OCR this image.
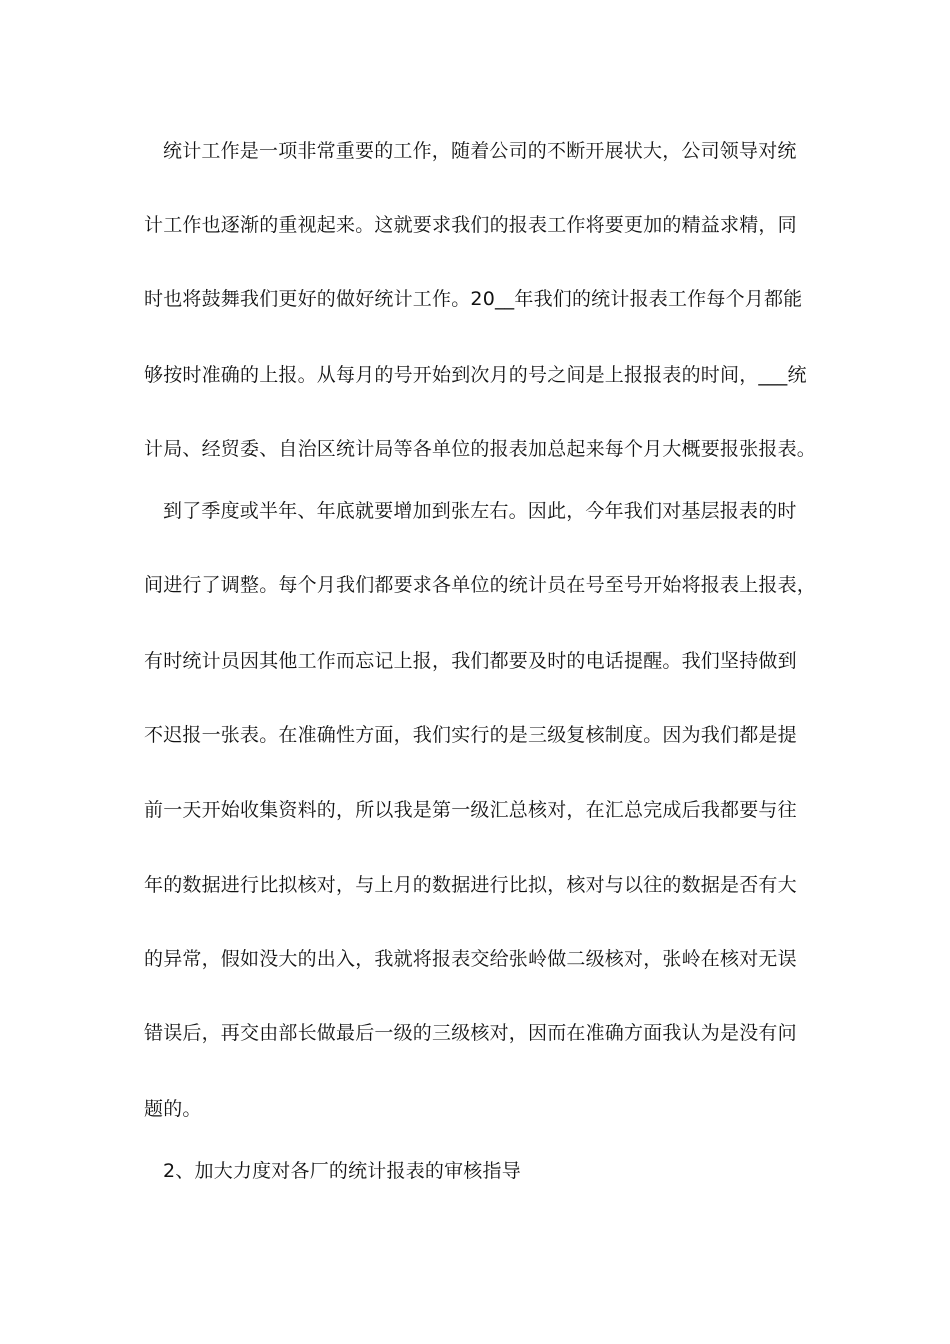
统计工作是一项非常重要的工作，随着公司的不断开展状大，公司领导对统
计工作也逐渐的重视起来。这就要求我们的报表工作将要更加的精益求精，同
时也将鼓舞我们更好的做好统计工作。20__年我们的统计报表工作每个月都能
够按时准确的上报。从每月的号开始到次月的号之间是上报报表的时间，___统
计局、经贸委、自治区统计局等各单位的报表加总起来每个月大概要报张报表。
到了季度或半年、年底就要增加到张左右。因此，今年我们对基层报表的时
间进行了调整。每个月我们都要求各单位的统计员在号至号开始将报表上报表，
有时统计员因其他工作而忘记上报，我们都要及时的电话提醒。我们坚持做到
不迟报一张表。在准确性方面，我们实行的是三级复核制度。因为我们都是提
前一天开始收集资料的，所以我是第一级汇总核对，在汇总完成后我都要与往
年的数据进行比拟核对，与上月的数据进行比拟，核对与以往的数据是否有大
的异常，假如没大的出入，我就将报表交给张岭做二级核对，张岭在核对无误
错误后，再交由部长做最后一级的三级核对，因而在准确方面我认为是没有问
题的。
2、加大力度对各厂的统计报表的审核指导
